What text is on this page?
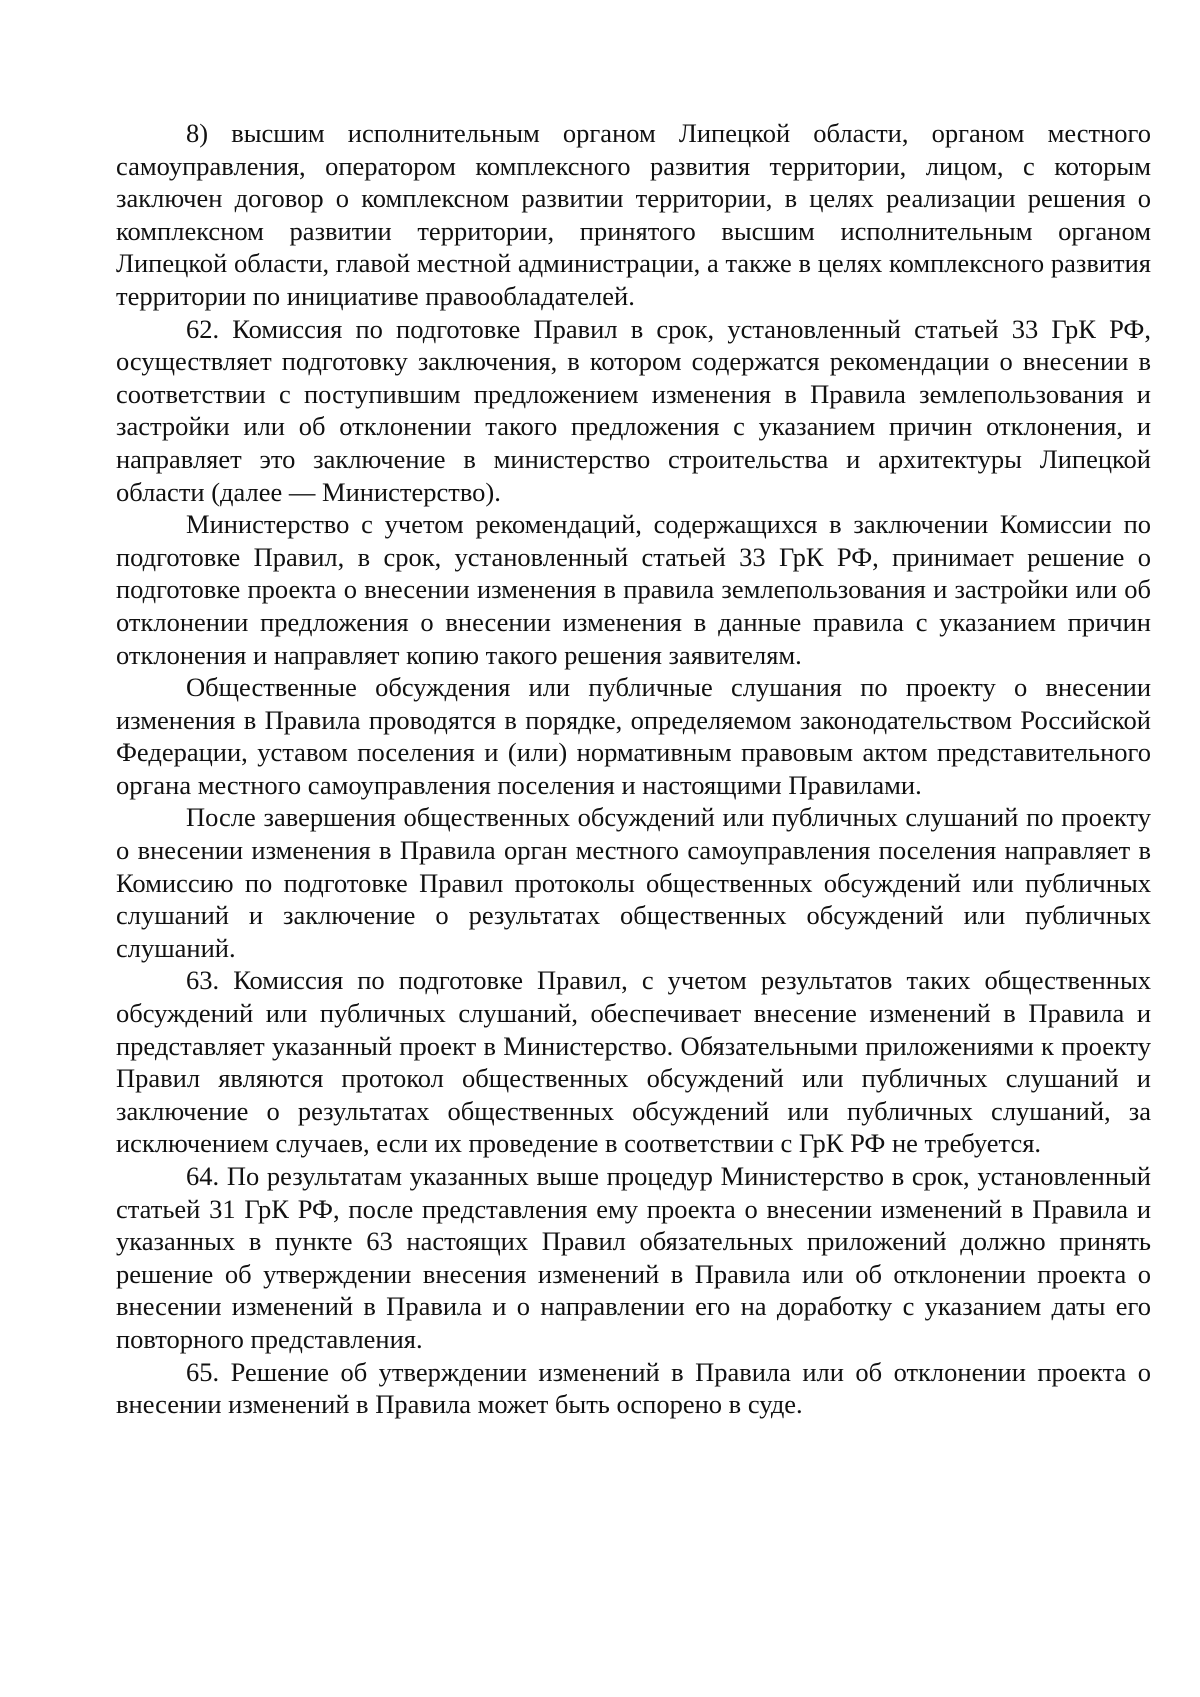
8) высшим исполнительным органом Липецкой области, органом местного самоуправления, оператором комплексного развития территории, лицом, с которым заключен договор о комплексном развитии территории, в целях реализации решения о комплексном развитии территории, принятого высшим исполнительным органом Липецкой области, главой местной администрации, а также в целях комплексного развития территории по инициативе правообладателей.

62. Комиссия по подготовке Правил в срок, установленный статьей 33 ГрК РФ, осуществляет подготовку заключения, в котором содержатся рекомендации о внесении в соответствии с поступившим предложением изменения в Правила землепользования и застройки или об отклонении такого предложения с указанием причин отклонения, и направляет это заключение в министерство строительства и архитектуры Липецкой области (далее — Министерство).

Министерство с учетом рекомендаций, содержащихся в заключении Комиссии по подготовке Правил, в срок, установленный статьей 33 ГрК РФ, принимает решение о подготовке проекта о внесении изменения в правила землепользования и застройки или об отклонении предложения о внесении изменения в данные правила с указанием причин отклонения и направляет копию такого решения заявителям.

Общественные обсуждения или публичные слушания по проекту о внесении изменения в Правила проводятся в порядке, определяемом законодательством Российской Федерации, уставом поселения и (или) нормативным правовым актом представительного органа местного самоуправления поселения и настоящими Правилами.

После завершения общественных обсуждений или публичных слушаний по проекту о внесении изменения в Правила орган местного самоуправления поселения направляет в Комиссию по подготовке Правил протоколы общественных обсуждений или публичных слушаний и заключение о результатах общественных обсуждений или публичных слушаний.

63. Комиссия по подготовке Правил, с учетом результатов таких общественных обсуждений или публичных слушаний, обеспечивает внесение изменений в Правила и представляет указанный проект в Министерство. Обязательными приложениями к проекту Правил являются протокол общественных обсуждений или публичных слушаний и заключение о результатах общественных обсуждений или публичных слушаний, за исключением случаев, если их проведение в соответствии с ГрК РФ не требуется.

64. По результатам указанных выше процедур Министерство в срок, установленный статьей 31 ГрК РФ, после представления ему проекта о внесении изменений в Правила и указанных в пункте 63 настоящих Правил обязательных приложений должно принять решение об утверждении внесения изменений в Правила или об отклонении проекта о внесении изменений в Правила и о направлении его на доработку с указанием даты его повторного представления.

65. Решение об утверждении изменений в Правила или об отклонении проекта о внесении изменений в Правила может быть оспорено в суде.
